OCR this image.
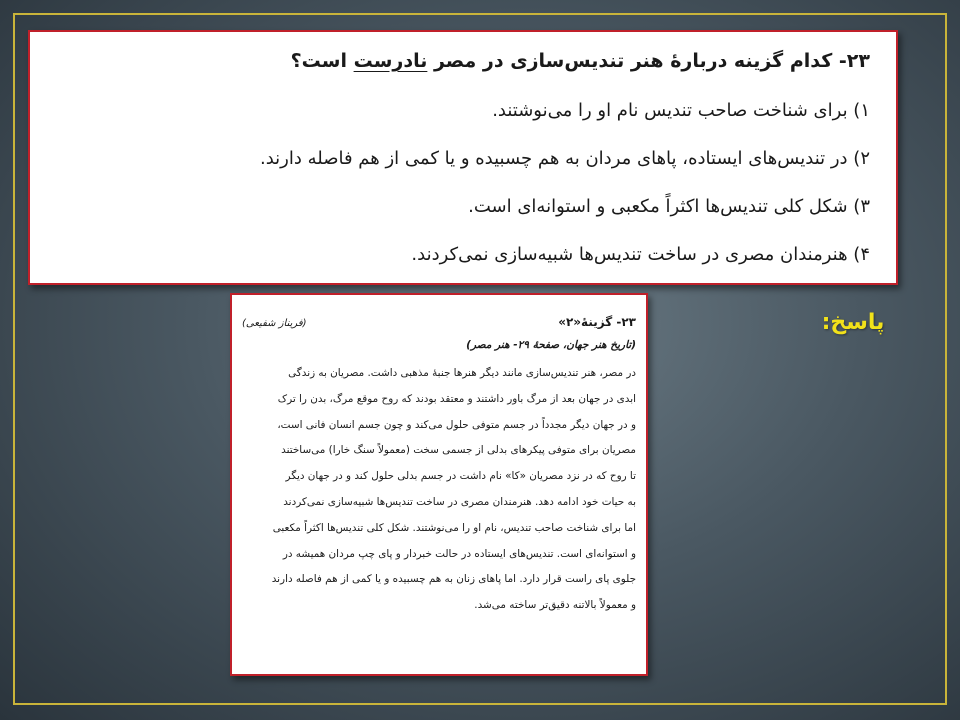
۲۳- کدام گزینه دربارهٔ هنر تندیس‌سازی در مصر نادرست است؟
۱) برای شناخت صاحب تندیس نام او را می‌نوشتند.
۲) در تندیس‌های ایستاده، پاهای مردان به هم چسبیده و یا کمی از هم فاصله دارند.
۳) شکل کلی تندیس‌ها اکثراً مکعبی و استوانه‌ای است.
۴) هنرمندان مصری در ساخت تندیس‌ها شبیه‌سازی نمی‌کردند.
پاسخ:
۲۳- گزینهٔ«۲»
(فریناز شفیعی)
(تاریخ هنر جهان، صفحهٔ ۲۹- هنر مصر)
در مصر، هنر تندیس‌سازی مانند دیگر هنرها جنبهٔ مذهبی داشت. مصریان به زندگی
ابدی در جهان بعد از مرگ باور داشتند و معتقد بودند که روح موقع مرگ، بدن را ترک
و در جهان دیگر مجدداً در جسم متوفی حلول می‌کند و چون جسم انسان فانی است،
مصریان برای متوفی پیکرهای بدلی از جسمی سخت (معمولاً سنگ خارا) می‌ساختند
تا روح که در نزد مصریان «کا» نام داشت در جسم بدلی حلول کند و در جهان دیگر
به حیات خود ادامه دهد. هنرمندان مصری در ساخت تندیس‌ها شبیه‌سازی نمی‌کردند
اما برای شناخت صاحب تندیس، نام او را می‌نوشتند. شکل کلی تندیس‌ها اکثراً مکعبی
و استوانه‌ای است. تندیس‌های ایستاده در حالت خبردار و پای چپ مردان همیشه در
جلوی پای راست قرار دارد. اما پاهای زنان به هم چسبیده و یا کمی از هم فاصله دارند
و معمولاً بالاتنه دقیق‌تر ساخته می‌شد.
